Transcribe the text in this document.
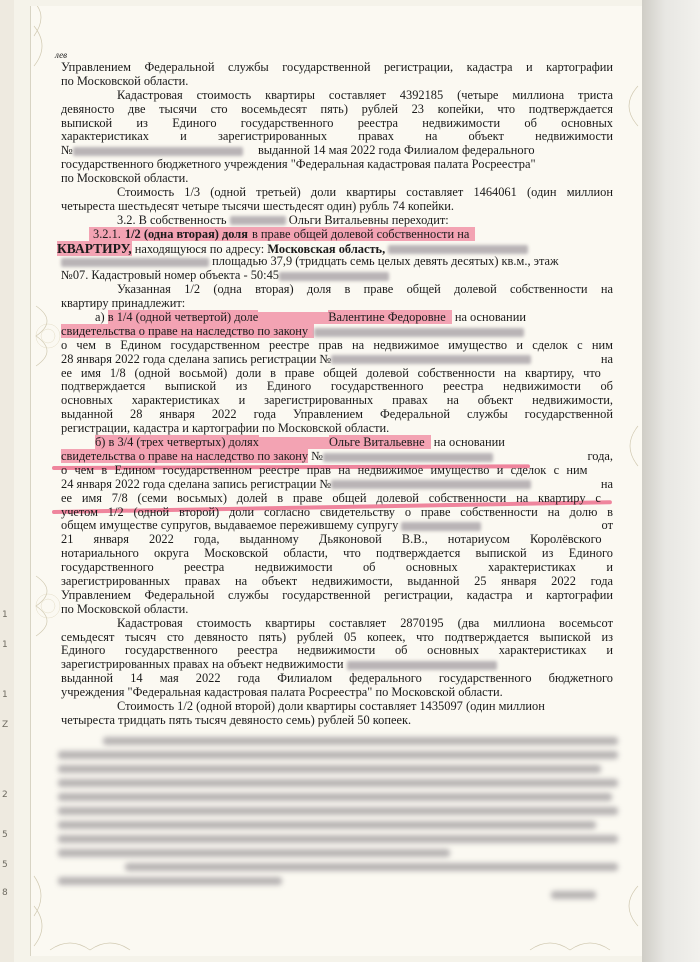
1
1
1
Z
2
5
5
8
лев
Управлением Федеральной службы государственной регистрации, кадастра и картографии
по Московской области.
Кадастровая стоимость квартиры составляет 4392185 (четыре миллиона триста
девяносто две тысячи сто восемьдесят пять) рублей 23 копейки, что подтверждается
выпиской из Единого государственного реестра недвижимости об основных
характеристиках и зарегистрированных правах на объект недвижимости
№	выданной 14 мая 2022 года Филиалом федерального
государственного бюджетного учреждения "Федеральная кадастровая палата Росреестра"
по Московской области.
Стоимость 1/3 (одной третьей) доли квартиры составляет 1464061 (один миллион
четыреста шестьдесят четыре тысячи шестьдесят один) рубль 74 копейки.
3.2. В собственность	Ольги Витальевны переходит:
3.2.1. 1/2 (одна вторая) доля в праве общей долевой собственности на
КВАРТИРУ, находящуюся по адресу: Московская область,
площадью 37,9 (тридцать семь целых девять десятых) кв.м., этаж
№07. Кадастровый номер объекта - 50:45
Указанная 1/2 (одна вторая) доля в праве общей долевой собственности на
квартиру принадлежит:
а) в 1/4 (одной четвертой) доле	Валентине Федоровне на основании
свидетельства о праве на наследство по закону
о чем в Едином государственном реестре прав на недвижимое имущество и сделок с ним
28 января 2022 года сделана запись регистрации №	на
ее имя 1/8 (одной восьмой) доли в праве общей долевой собственности на квартиру, что
подтверждается выпиской из Единого государственного реестра недвижимости об
основных характеристиках и зарегистрированных правах на объект недвижимости,
выданной 28 января 2022 года Управлением Федеральной службы государственной
регистрации, кадастра и картографии по Московской области.
б) в 3/4 (трех четвертых) долях	Ольге Витальевне на основании
свидетельства о праве на наследство по закону №	года,
о чем в Едином государственном реестре прав на недвижимое имущество и сделок с ним
24 января 2022 года сделана запись регистрации №	на
ее имя 7/8 (семи восьмых) долей в праве общей долевой собственности на квартиру с
учетом 1/2 (одной второй) доли согласно свидетельству о праве собственности на долю в
общем имуществе супругов, выдаваемое пережившему супругу	от
21 января 2022 года, выданному Дьяконовой В.В., нотариусом Королёвского
нотариального округа Московской области, что подтверждается выпиской из Единого
государственного реестра недвижимости об основных характеристиках и
зарегистрированных правах на объект недвижимости, выданной 25 января 2022 года
Управлением Федеральной службы государственной регистрации, кадастра и картографии
по Московской области.
Кадастровая стоимость квартиры составляет 2870195 (два миллиона восемьсот
семьдесят тысяч сто девяносто пять) рублей 05 копеек, что подтверждается выпиской из
Единого государственного реестра недвижимости об основных характеристиках и
зарегистрированных правах на объект недвижимости
выданной 14 мая 2022 года Филиалом федерального государственного бюджетного
учреждения "Федеральная кадастровая палата Росреестра" по Московской области.
Стоимость 1/2 (одной второй) доли квартиры составляет 1435097 (один миллион
четыреста тридцать пять тысяч девяносто семь) рублей 50 копеек.
